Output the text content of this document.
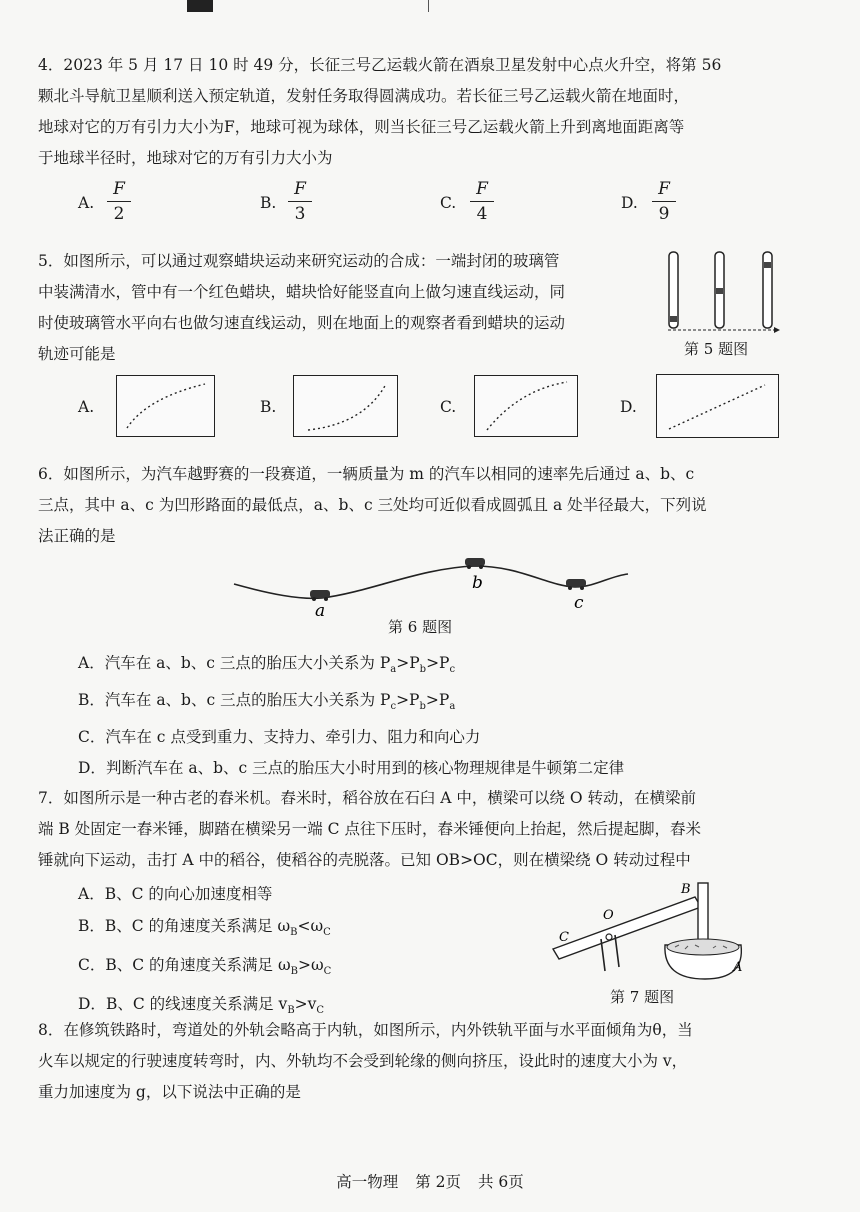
4．2023 年 5 月 17 日 10 时 49 分，长征三号乙运载火箭在酒泉卫星发射中心点火升空，将第 56
颗北斗导航卫星顺利送入预定轨道，发射任务取得圆满成功。若长征三号乙运载火箭在地面时，
地球对它的万有引力大小为F，地球可视为球体，则当长征三号乙运载火箭上升到离地面距离等
于地球半径时，地球对它的万有引力大小为
A.
F
2
B.
F
3
C.
F
4
D.
F
9
5．如图所示，可以通过观察蜡块运动来研究运动的合成：一端封闭的玻璃管
中装满清水，管中有一个红色蜡块，蜡块恰好能竖直向上做匀速直线运动，同
时使玻璃管水平向右也做匀速直线运动，则在地面上的观察者看到蜡块的运动
轨迹可能是	第 5 题图
A.	B.	C.	D.
6．如图所示，为汽车越野赛的一段赛道，一辆质量为 m 的汽车以相同的速率先后通过 a、b、c
三点，其中 a、c 为凹形路面的最低点，a、b、c 三处均可近似看成圆弧且 a 处半径最大，下列说
法正确的是
a
b
c
第 6 题图
A．汽车在 a、b、c 三点的胎压大小关系为 $P_a>P_b>P_c$
B．汽车在 a、b、c 三点的胎压大小关系为 $P_c>P_b>P_a$
C．汽车在 c 点受到重力、支持力、牵引力、阻力和向心力
D．判断汽车在 a、b、c 三点的胎压大小时用到的核心物理规律是牛顿第二定律
7．如图所示是一种古老的舂米机。舂米时，稻谷放在石臼 A 中，横梁可以绕 O 转动，在横梁前
端 B 处固定一舂米锤，脚踏在横梁另一端 C 点往下压时，舂米锤便向上抬起，然后提起脚，舂米
锤就向下运动，击打 A 中的稻谷，使稻谷的壳脱落。已知 OB>OC，则在横梁绕 O 转动过程中
A．B、C 的向心加速度相等
B．B、C 的角速度关系满足 $\omega_B<\omega_C$
C．B、C 的角速度关系满足 $\omega_B>\omega_C$
D．B、C 的线速度关系满足 $v_B>v_C$
B
O
C
A
第 7 题图
8．在修筑铁路时，弯道处的外轨会略高于内轨，如图所示，内外铁轨平面与水平面倾角为θ，当
火车以规定的行驶速度转弯时，内、外轨均不会受到轮缘的侧向挤压，设此时的速度大小为 v，
重力加速度为 g，以下说法中正确的是
高一物理 第 2页 共 6页
